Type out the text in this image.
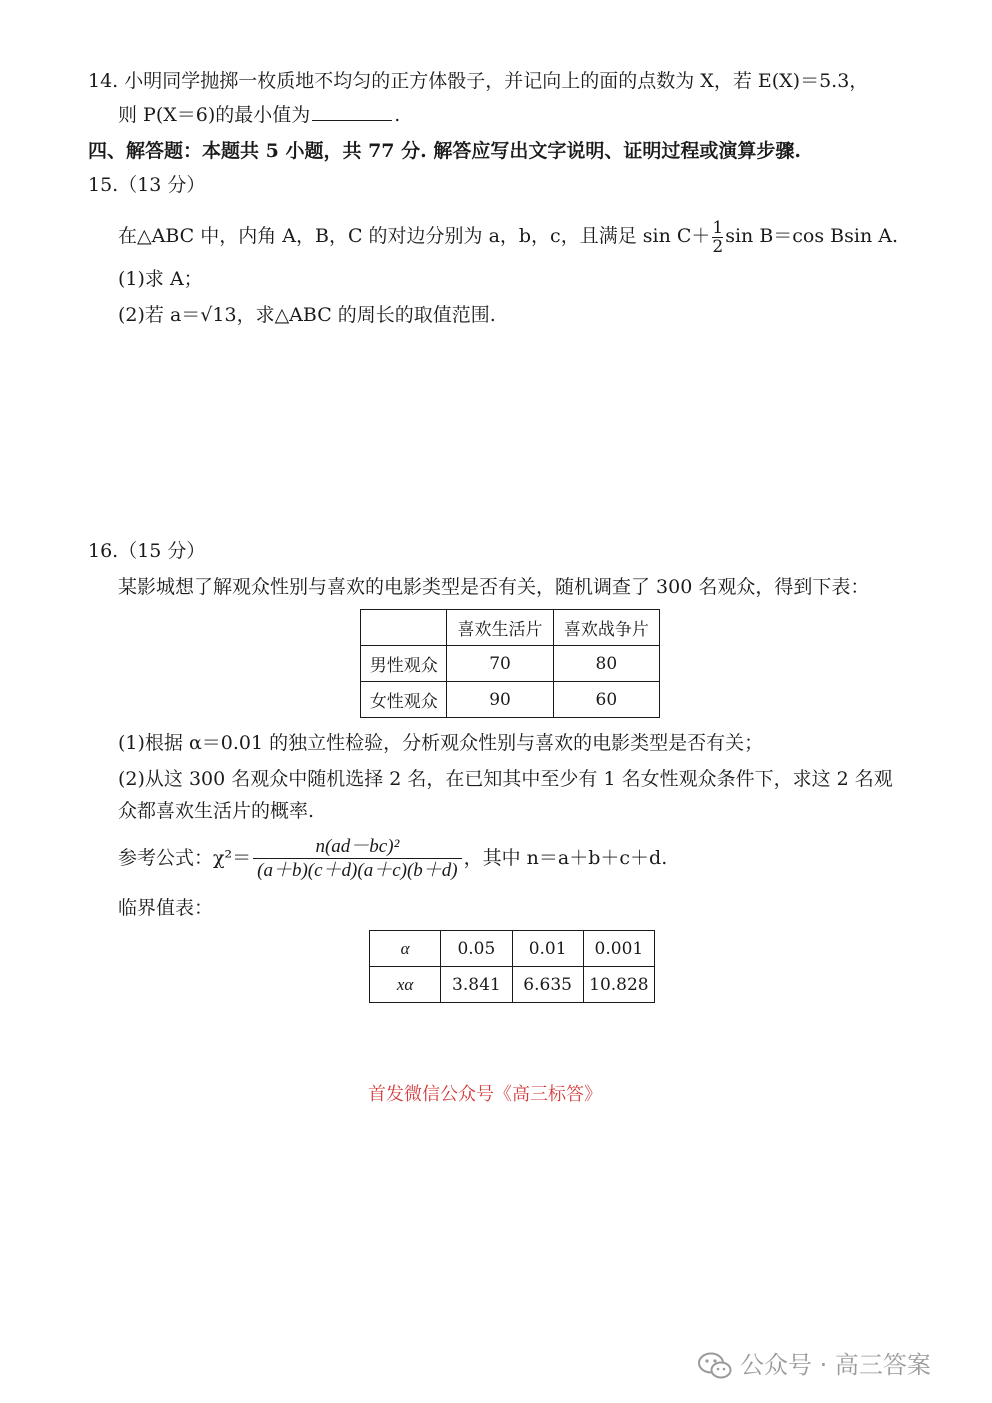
14. 小明同学抛掷一枚质地不均匀的正方体骰子，并记向上的面的点数为 X，若 E(X)＝5.3，
则 P(X＝6)的最小值为	.
四、解答题：本题共 5 小题，共 77 分. 解答应写出文字说明、证明过程或演算步骤.
15.（13 分）
在△ABC 中，内角 A，B，C 的对边分别为 a，b，c，且满足 $\sin C+ \frac{1}{2}$ sin B＝cos Bsin A.
(1)求 A；
(2)若 a＝√13，求△ABC 的周长的取值范围.
16.（15 分）
某影城想了解观众性别与喜欢的电影类型是否有关，随机调查了 300 名观众，得到下表：
	喜欢生活片	喜欢战争片
男性观众	70	80
女性观众	90	60
(1)根据 α＝0.01 的独立性检验，分析观众性别与喜欢的电影类型是否有关；
(2)从这 300 名观众中随机选择 2 名，在已知其中至少有 1 名女性观众条件下，求这 2 名观
众都喜欢生活片的概率.
参考公式：$\chi^2= \frac{\text{n(ad－bc)²}}{(a+b)(c+d)(a+c)(b+d)}$ ，其中 n＝a＋b＋c＋d.
临界值表：
α	0.05	0.01	0.001
xα	3.841	6.635	10.828
首发微信公众号《高三标答》
公众号 · 高三答案
